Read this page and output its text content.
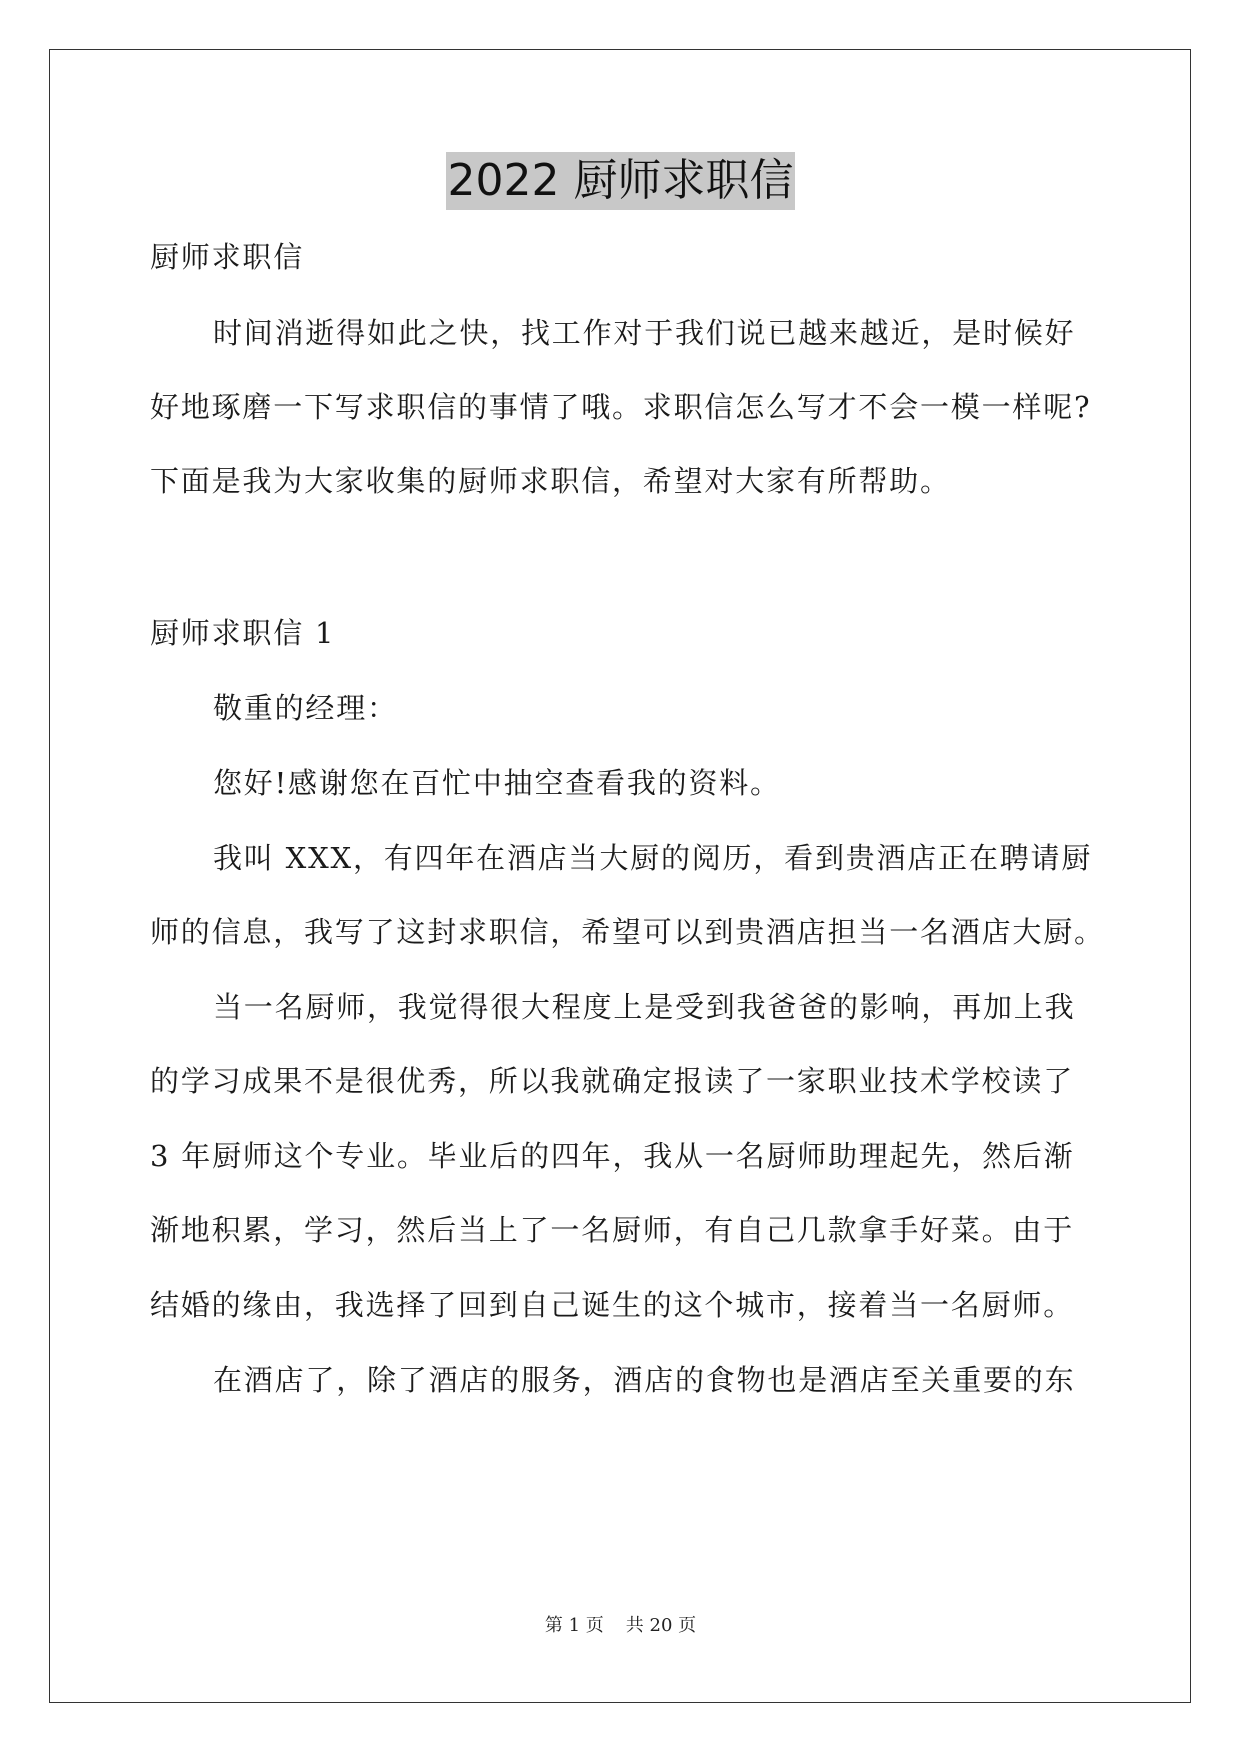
2022 厨师求职信
厨师求职信
时间消逝得如此之快，找工作对于我们说已越来越近，是时候好
好地琢磨一下写求职信的事情了哦。求职信怎么写才不会一模一样呢?
下面是我为大家收集的厨师求职信，希望对大家有所帮助。
厨师求职信 1
敬重的经理：
您好!感谢您在百忙中抽空查看我的资料。
我叫 XXX，有四年在酒店当大厨的阅历，看到贵酒店正在聘请厨
师的信息，我写了这封求职信，希望可以到贵酒店担当一名酒店大厨。
当一名厨师，我觉得很大程度上是受到我爸爸的影响，再加上我
的学习成果不是很优秀，所以我就确定报读了一家职业技术学校读了
3 年厨师这个专业。毕业后的四年，我从一名厨师助理起先，然后渐
渐地积累，学习，然后当上了一名厨师，有自己几款拿手好菜。由于
结婚的缘由，我选择了回到自己诞生的这个城市，接着当一名厨师。
在酒店了，除了酒店的服务，酒店的食物也是酒店至关重要的东
第 1 页 共 20 页
